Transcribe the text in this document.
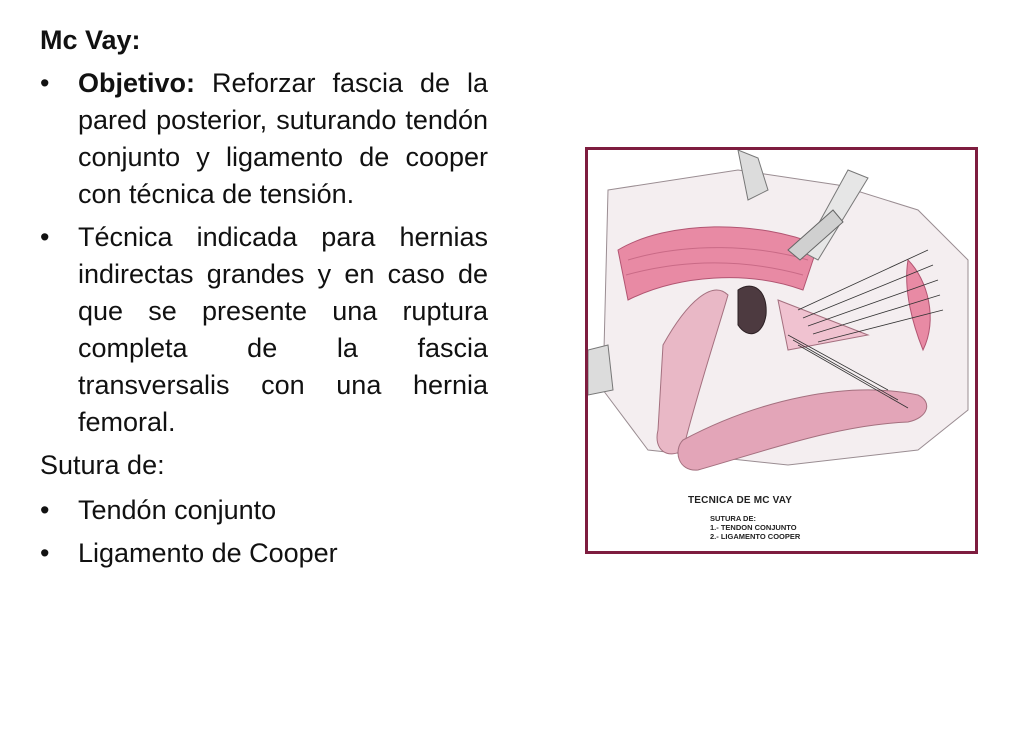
Mc Vay:
• Objetivo: Reforzar fascia de la pared posterior, suturando tendón conjunto y ligamento de cooper con técnica de tensión.
• Técnica indicada para hernias indirectas grandes y en caso de que se presente una ruptura completa de la fascia transversalis con una hernia femoral.
Sutura de:
• Tendón conjunto
• Ligamento de Cooper
TECNICA DE MC VAY
SUTURA DE:
1.- TENDON CONJUNTO
2.- LIGAMENTO COOPER
